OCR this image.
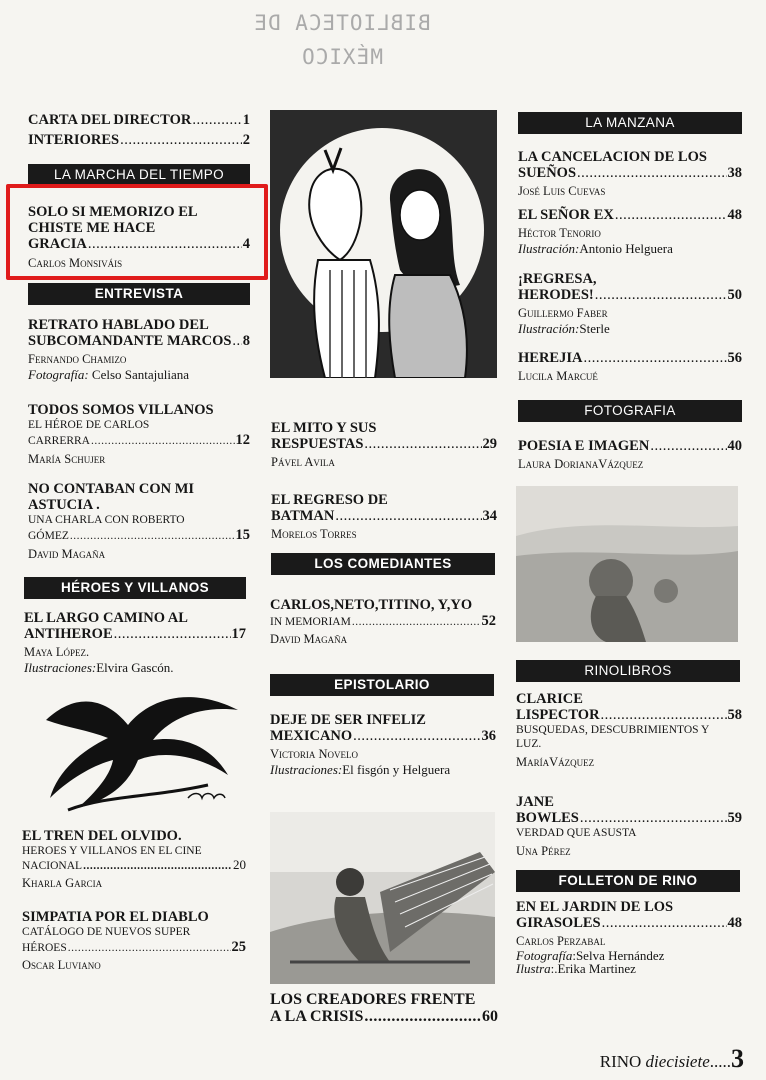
BIBLIOTECA DE MÉXICO
CARTA DEL DIRECTOR .....	1
INTERIORES .....	2
LA MARCHA DEL TIEMPO
SOLO SI MEMORIZO EL
CHISTE ME HACE
GRACIA .....	4
Carlos Monsiváis
ENTREVISTA
RETRATO HABLADO DEL
SUBCOMANDANTE MARCOS ..... 8
Fernando Chamizo
Fotografía: Celso Santajuliana
TODOS SOMOS VILLANOS
EL HÉROE DE CARLOS
CARRERRA .....	12
María Schujer
NO CONTABAN CON MI
ASTUCIA .
UNA CHARLA CON ROBERTO
GÓMEZ .....	15
David Magaña
HÉROES Y VILLANOS
EL LARGO CAMINO AL
ANTIHEROE .....	17
Maya López.
Ilustraciones:Elvira Gascón.
EL TREN DEL OLVIDO.
HEROES Y VILLANOS EN EL CINE
NACIONAL .....	20
Kharla Garcia
SIMPATIA POR EL DIABLO
CATÁLOGO DE NUEVOS SUPER
HÉROES .....	25
Oscar Luviano
EL MITO Y SUS
RESPUESTAS .....	29
Pável Avila
EL REGRESO DE
BATMAN .....	34
Morelos Torres
LOS COMEDIANTES
CARLOS,NETO,TITINO, Y,YO
IN MEMORIAM .....	52
David Magaña
EPISTOLARIO
DEJE DE SER INFELIZ
MEXICANO .....	36
Victoria Novelo
Ilustraciones:El fisgón y Helguera
LOS CREADORES FRENTE
A LA CRISIS .....	60
LA MANZANA
LA CANCELACION DE LOS
SUEÑOS .....	38
José Luis Cuevas
EL SEÑOR EX .....	48
Héctor Tenorio
Ilustración:Antonio Helguera
¡REGRESA,
HERODES! .....	50
Guillermo Faber
Ilustración:Sterle
HEREJIA .....	56
Lucila Marcué
FOTOGRAFIA
POESIA E IMAGEN .....	40
Laura DorianaVázquez
RINOLIBROS
CLARICE
LISPECTOR .....	58
BUSQUEDAS, DESCUBRIMIENTOS Y
LUZ.
MaríaVázquez
JANE
BOWLES .....	59
VERDAD QUE ASUSTA
Una Pérez
FOLLETON DE RINO
EN EL JARDIN DE LOS
GIRASOLES .....	48
Carlos Perzabal
Fotografía:Selva Hernández
Ilustra:.Erika Martinez
RINO diecisiete.....3
